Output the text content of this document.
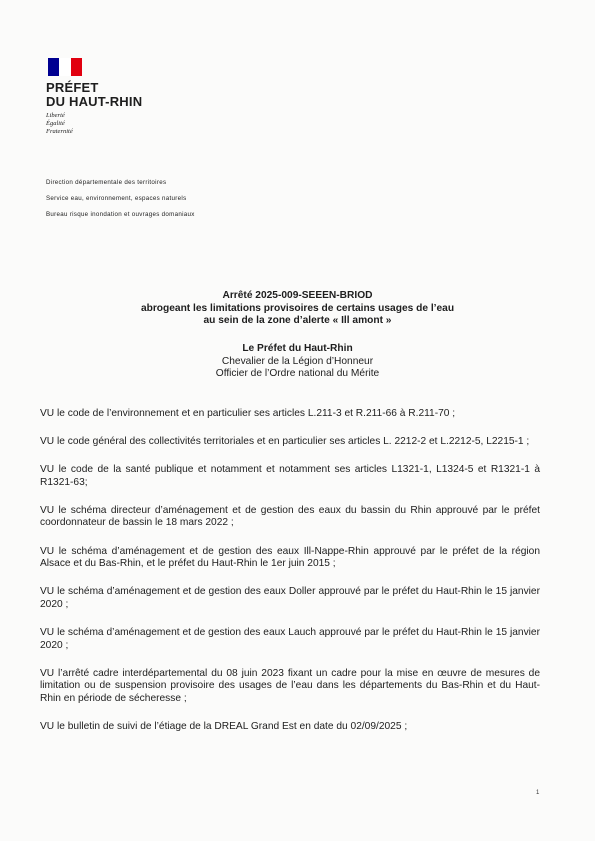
PRÉFET
DU HAUT-RHIN
Liberté
Égalité
Fraternité
Direction départementale des territoires
Service eau, environnement, espaces naturels
Bureau risque inondation et ouvrages domaniaux
Arrêté 2025-009-SEEEN-BRIOD
abrogeant les limitations provisoires de certains usages de l’eau
au sein de la zone d’alerte « Ill amont »
Le Préfet du Haut-Rhin
Chevalier de la Légion d’Honneur
Officier de l’Ordre national du Mérite

VU le code de l’environnement et en particulier ses articles L.211-3 et R.211-66 à R.211-70 ;

VU le code général des collectivités territoriales et en particulier ses articles L. 2212-2 et L.2212-5, L2215-1 ;

VU le code de la santé publique et notamment et notamment ses articles L1321-1, L1324-5 et R1321-1 à R1321-63;

VU le schéma directeur d’aménagement et de gestion des eaux du bassin du Rhin approuvé par le préfet coordonnateur de bassin le 18 mars 2022 ;

VU le schéma d’aménagement et de gestion des eaux Ill-Nappe-Rhin approuvé par le préfet de la région Alsace et du Bas-Rhin, et le préfet du Haut-Rhin le 1er juin 2015 ;

VU le schéma d’aménagement et de gestion des eaux Doller approuvé par le préfet du Haut-Rhin le 15 janvier 2020 ;

VU le schéma d’aménagement et de gestion des eaux Lauch approuvé par le préfet du Haut-Rhin le 15 janvier 2020 ;

VU l’arrêté cadre interdépartemental du 08 juin 2023 fixant un cadre pour la mise en œuvre de mesures de limitation ou de suspension provisoire des usages de l’eau dans les départements du Bas-Rhin et du Haut-Rhin en période de sécheresse ;

VU le bulletin de suivi de l’étiage de la DREAL Grand Est en date du 02/09/2025 ;

1
